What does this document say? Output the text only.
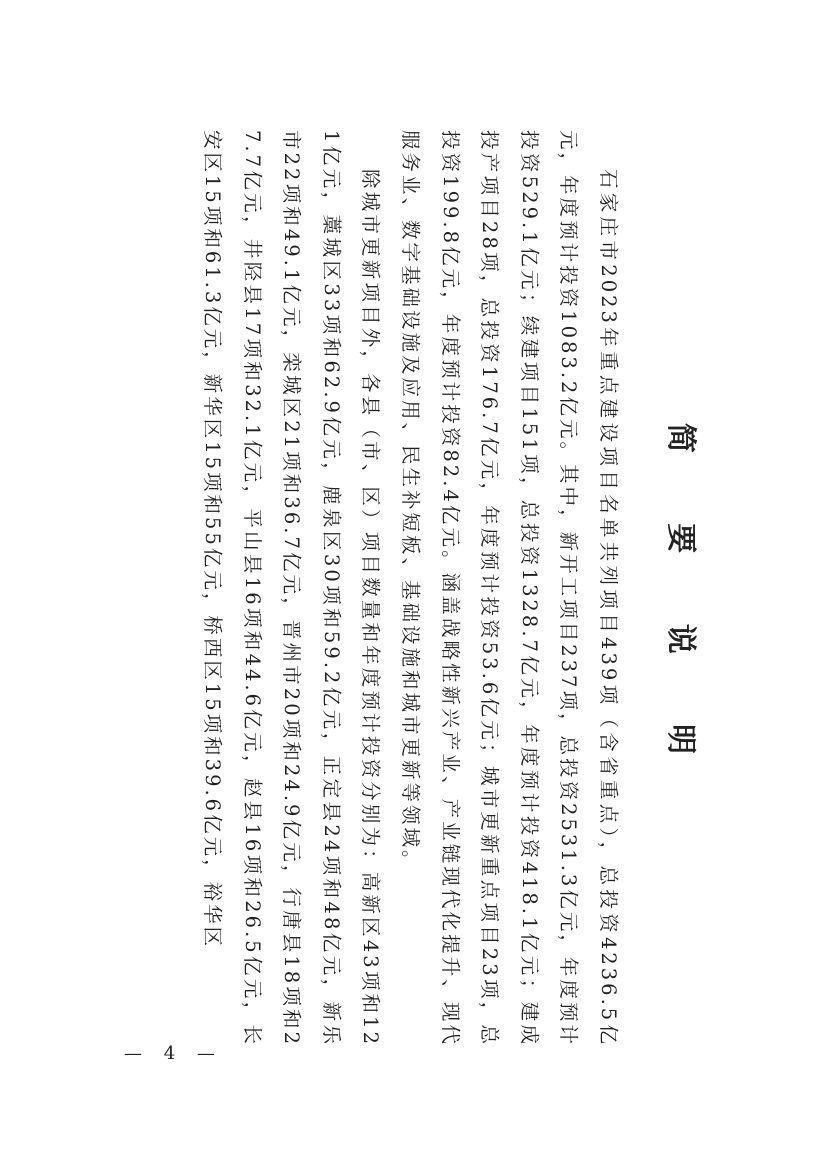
简 要 说 明

石家庄市2023年重点建设项目名单共列项目439项（含省重点），总投资4236.5亿元，年度预计投资1083.2亿元。其中，新开工项目237项，总投资2531.3亿元，年度预计投资529.1亿元；续建项目151项，总投资1328.7亿元，年度预计投资418.1亿元；建成投产项目28项，总投资176.7亿元，年度预计投资53.6亿元；城市更新重点项目23项，总投资199.8亿元，年度预计投资82.4亿元。涵盖战略性新兴产业、产业链现代化提升、现代服务业、数字基础设施及应用、民生补短板、基础设施和城市更新等领域。

除城市更新项目外，各县（市、区）项目数量和年度预计投资分别为：高新区43项和121亿元，藁城区33项和62.9亿元，鹿泉区30项和59.2亿元，正定县24项和48亿元，新乐市22项和49.1亿元，栾城区21项和36.7亿元，晋州市20项和24.9亿元，行唐县18项和27.7亿元，井陉县17项和32.1亿元，平山县16项和44.6亿元，赵县16项和26.5亿元，长安区15项和61.3亿元，新华区15项和55亿元，桥西区15项和39.6亿元，裕华区

— 4 —
